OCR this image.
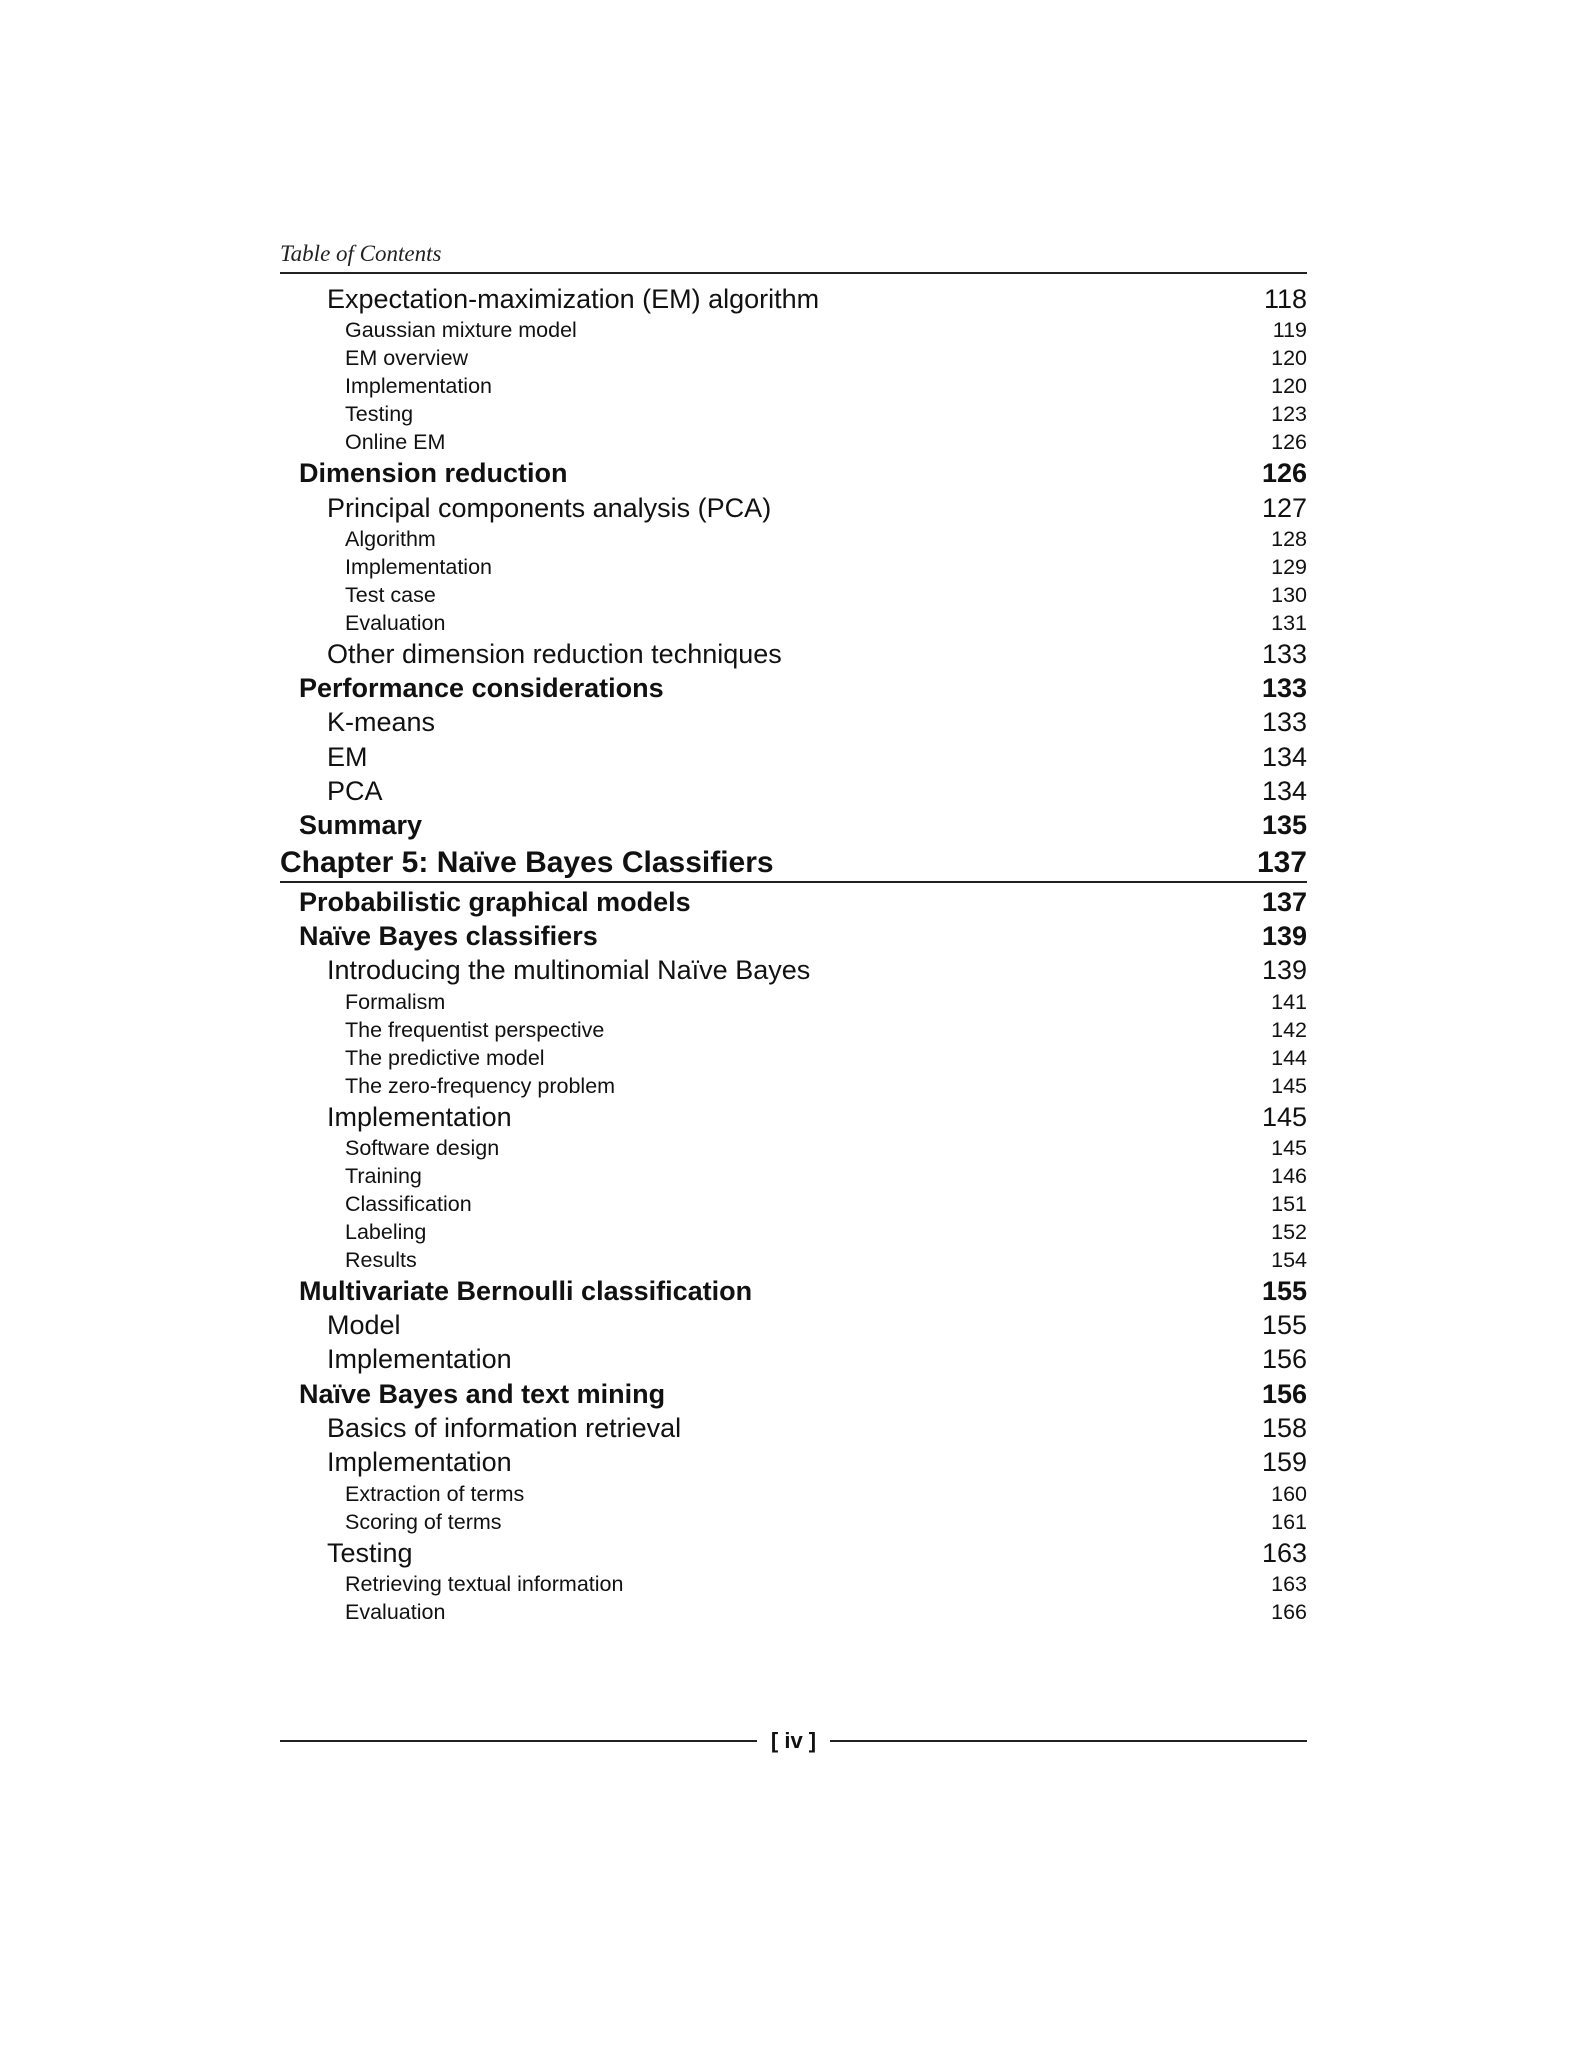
Table of Contents
Expectation-maximization (EM) algorithm	118
Gaussian mixture model	119
EM overview	120
Implementation	120
Testing	123
Online EM	126
Dimension reduction	126
Principal components analysis (PCA)	127
Algorithm	128
Implementation	129
Test case	130
Evaluation	131
Other dimension reduction techniques	133
Performance considerations	133
K-means	133
EM	134
PCA	134
Summary	135
Chapter 5: Naïve Bayes Classifiers	137
Probabilistic graphical models	137
Naïve Bayes classifiers	139
Introducing the multinomial Naïve Bayes	139
Formalism	141
The frequentist perspective	142
The predictive model	144
The zero-frequency problem	145
Implementation	145
Software design	145
Training	146
Classification	151
Labeling	152
Results	154
Multivariate Bernoulli classification	155
Model	155
Implementation	156
Naïve Bayes and text mining	156
Basics of information retrieval	158
Implementation	159
Extraction of terms	160
Scoring of terms	161
Testing	163
Retrieving textual information	163
Evaluation	166
[ iv ]
